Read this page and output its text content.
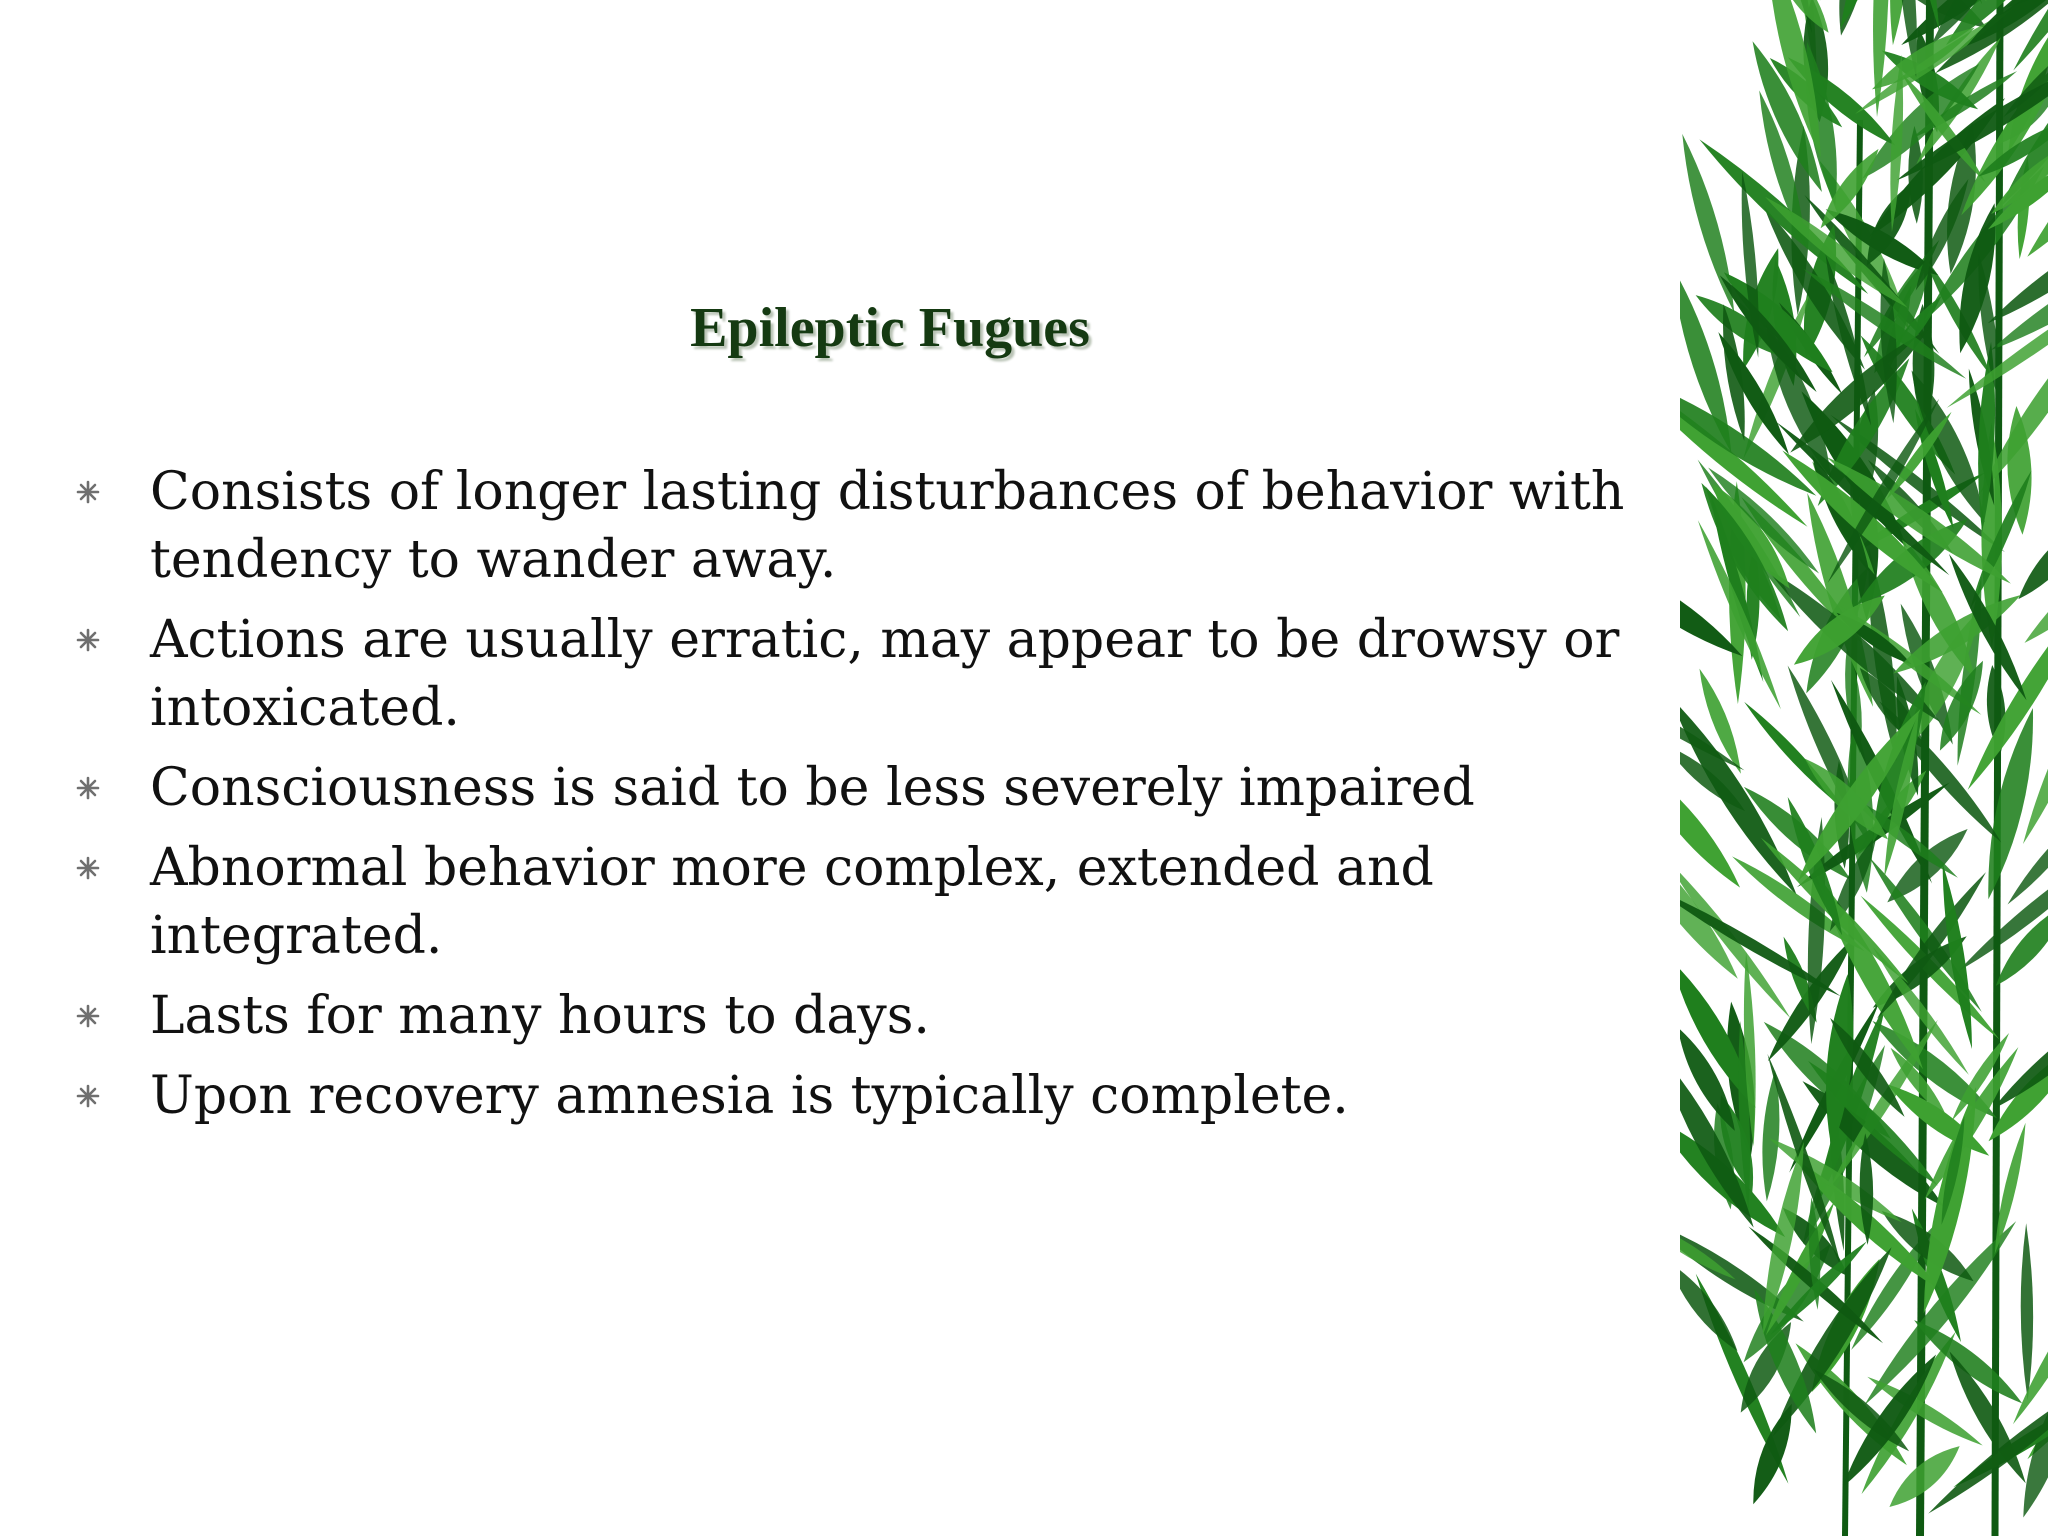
Epileptic Fugues
Consists of longer lasting disturbances of behavior with tendency to wander away.
Actions are usually erratic, may appear to be drowsy or intoxicated.
Consciousness is said to be less severely impaired
Abnormal behavior more complex, extended and integrated.
Lasts for many hours to days.
Upon recovery amnesia is typically complete.
